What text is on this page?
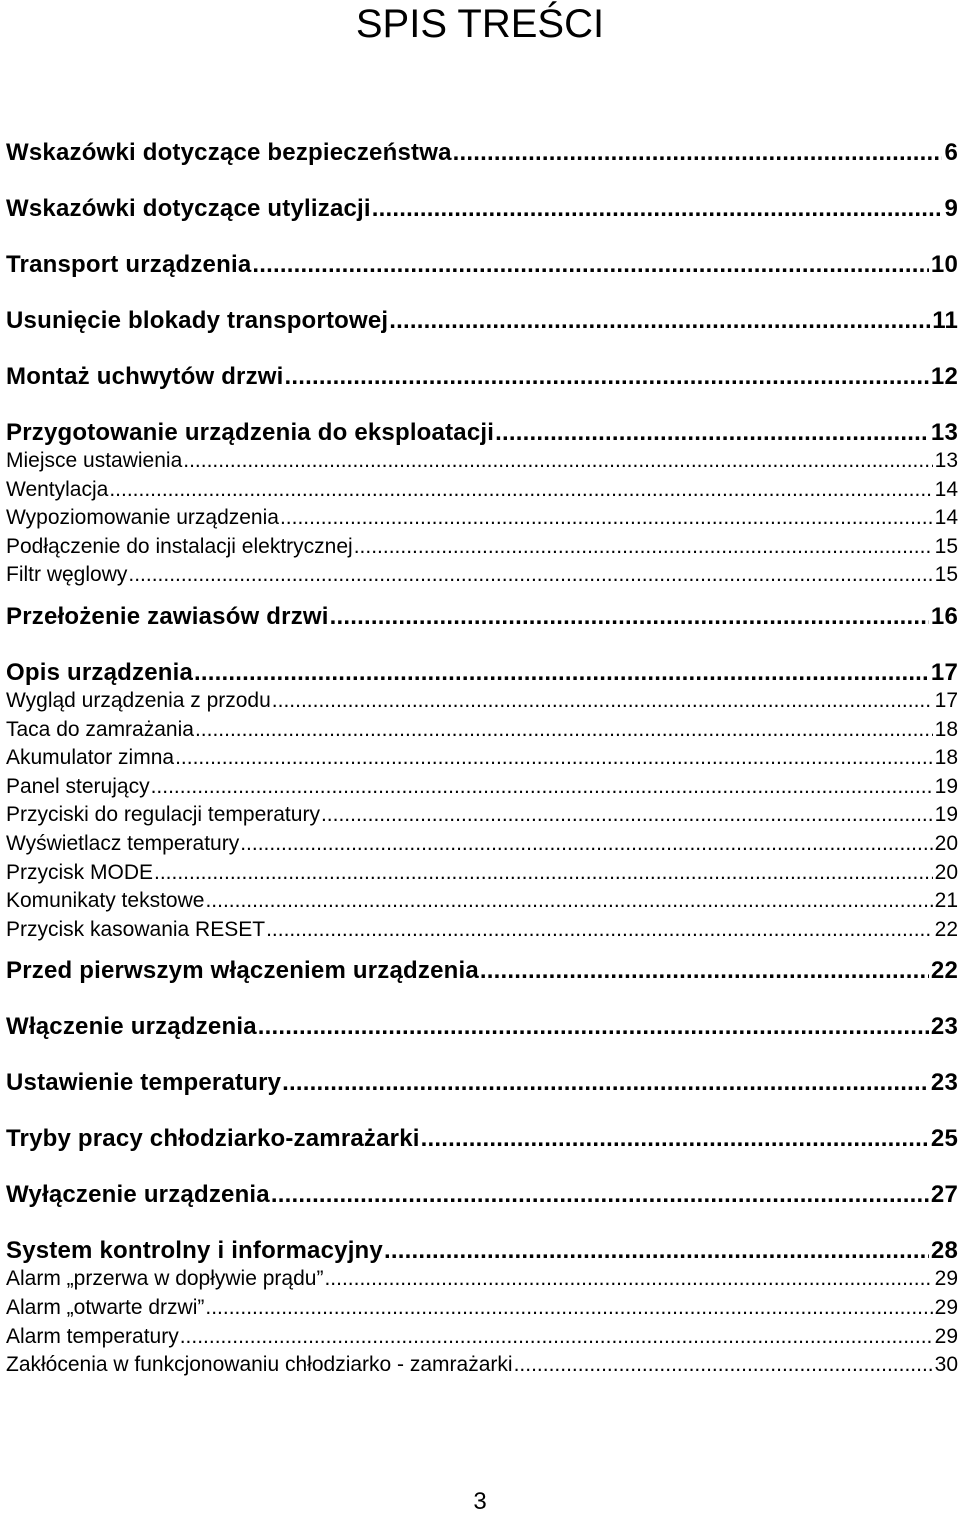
SPIS TREŚCI
Wskazówki dotyczące bezpieczeństwa .....	6
Wskazówki dotyczące utylizacji .....	9
Transport urządzenia .....	10
Usunięcie blokady transportowej .....	11
Montaż uchwytów drzwi .....	12
Przygotowanie urządzenia do eksploatacji .....	13
Miejsce ustawienia .....	13
Wentylacja .....	14
Wypoziomowanie urządzenia .....	14
Podłączenie do instalacji elektrycznej .....	15
Filtr węglowy .....	15
Przełożenie zawiasów drzwi .....	16
Opis urządzenia .....	17
Wygląd urządzenia z przodu .....	17
Taca do zamrażania .....	18
Akumulator zimna .....	18
Panel sterujący .....	19
Przyciski do regulacji temperatury .....	19
Wyświetlacz temperatury .....	20
Przycisk MODE .....	20
Komunikaty tekstowe .....	21
Przycisk kasowania RESET .....	22
Przed pierwszym włączeniem urządzenia .....	22
Włączenie urządzenia .....	23
Ustawienie temperatury .....	23
Tryby pracy chłodziarko-zamrażarki .....	25
Wyłączenie urządzenia .....	27
System kontrolny i informacyjny .....	28
Alarm „przerwa w dopływie prądu” .....	29
Alarm „otwarte drzwi” .....	29
Alarm temperatury .....	29
Zakłócenia w funkcjonowaniu chłodziarko - zamrażarki .....	30
3
